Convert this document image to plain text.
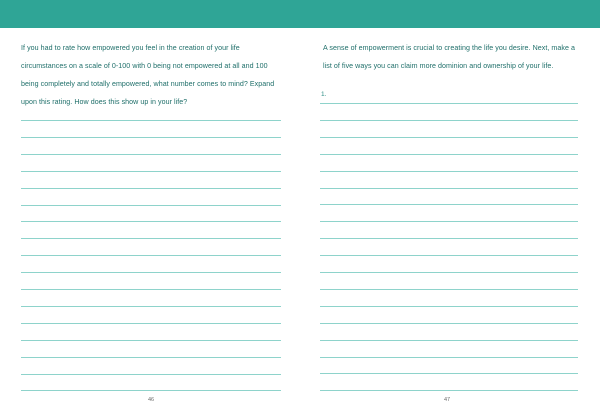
If you had to rate how empowered you feel in the creation of your life circumstances on a scale of 0-100 with 0 being not empowered at all and 100 being completely and totally empowered, what number comes to mind? Expand upon this rating. How does this show up in your life?
46
A sense of empowerment is crucial to creating the life you desire. Next, make a list of five ways you can claim more dominion and ownership of your life.
1.
47
